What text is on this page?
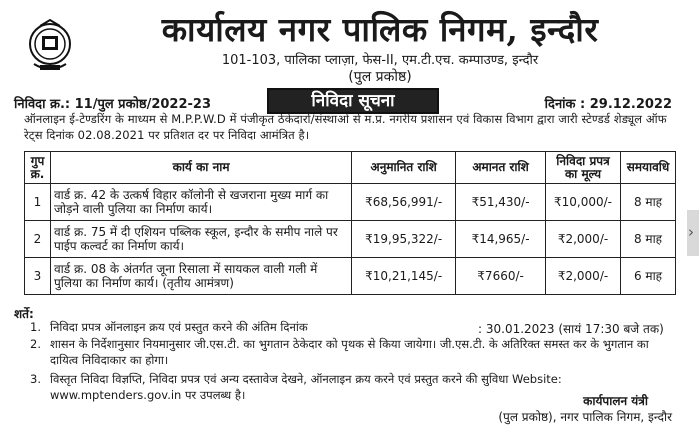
कार्यालय नगर पालिक निगम, इन्दौर
101-103, पालिका प्लाज़ा, फेस-II, एम.टी.एच. कम्पाउण्ड, इन्दौर
(पुल प्रकोष्ठ)
निविदा क्र.: 11/पुल प्रकोष्ठ/2022-23	निविदा सूचना	दिनांक : 29.12.2022
ऑनलाइन ई-टेण्डरिंग के माध्यम से M.P.P.W.D में पंजीकृत ठेकेदारों/संस्थाओं से म.प्र. नगरीय प्रशासन एवं विकास विभाग द्वारा जारी स्टेण्डर्ड शेड्यूल ऑफ रेट्स दिनांक 02.08.2021 पर प्रतिशत दर पर निविदा आमंत्रित है।
गुप क्र.	कार्य का नाम	अनुमानित राशि	अमानत राशि	निविदा प्रपत्र का मूल्य	समयावधि
1	वार्ड क्र. 42 के उत्कर्ष विहार कॉलोनी से खजराना मुख्य मार्ग का जोड़ने वाली पुलिया का निर्माण कार्य।	₹68,56,991/-	₹51,430/-	₹10,000/-	8 माह
2	वार्ड क्र. 75 में दी एशियन पब्लिक स्कूल, इन्दौर के समीप नाले पर पाईप कल्वर्ट का निर्माण कार्य।	₹19,95,322/-	₹14,965/-	₹2,000/-	8 माह
3	वार्ड क्र. 08 के अंतर्गत जूना रिसाला में सायकल वाली गली में पुलिया का निर्माण कार्य। (तृतीय आमंत्रण)	₹10,21,145/-	₹7660/-	₹2,000/-	6 माह
शर्ते:
1. निविदा प्रपत्र ऑनलाइन क्रय एवं प्रस्तुत करने की अंतिम दिनांक	: 30.01.2023 (सायं 17:30 बजे तक)
2. शासन के निर्देशानुसार नियमानुसार जी.एस.टी. का भुगतान ठेकेदार को पृथक से किया जायेगा। जी.एस.टी. के अतिरिक्त समस्त कर के भुगतान का दायित्व निविदाकार का होगा।
3. विस्तृत निविदा विज्ञप्ति, निविदा प्रपत्र एवं अन्य दस्तावेज देखने, ऑनलाइन क्रय करने एवं प्रस्तुत करने की सुविधा Website: www.mptenders.gov.in पर उपलब्ध है।	कार्यपालन यंत्री
(पुल प्रकोष्ठ), नगर पालिक निगम, इन्दौर
›
